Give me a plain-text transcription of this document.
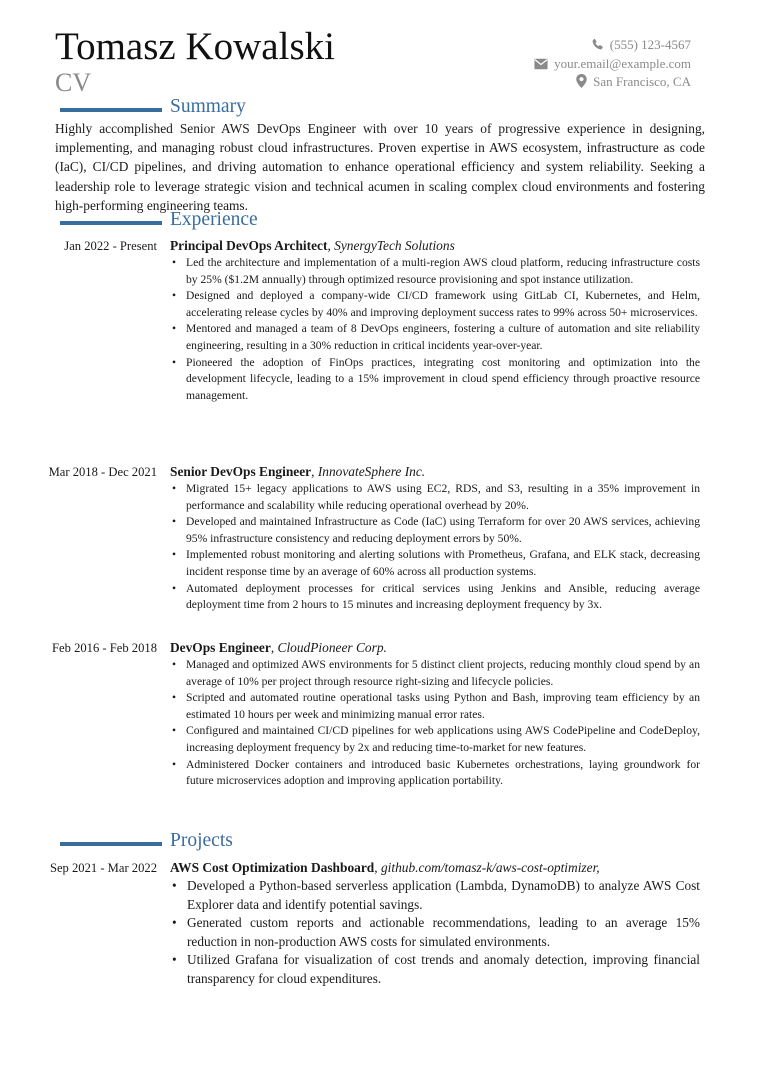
Tomasz Kowalski
CV
(555) 123-4567
your.email@example.com
San Francisco, CA
Summary

Highly accomplished Senior AWS DevOps Engineer with over 10 years of progressive experience in designing, implementing, and managing robust cloud infrastructures. Proven expertise in AWS ecosystem, infrastructure as code (IaC), CI/CD pipelines, and driving automation to enhance operational efficiency and system reliability. Seeking a leadership role to leverage strategic vision and technical acumen in scaling complex cloud environments and fostering high-performing engineering teams.

Experience
Jan 2022 - Present Principal DevOps Architect, SynergyTech Solutions
• Led the architecture and implementation of a multi-region AWS cloud platform, reducing infrastructure costs by 25% ($1.2M annually) through optimized resource provisioning and spot instance utilization.
• Designed and deployed a company-wide CI/CD framework using GitLab CI, Kubernetes, and Helm, accelerating release cycles by 40% and improving deployment success rates to 99% across 50+ microservices.
• Mentored and managed a team of 8 DevOps engineers, fostering a culture of automation and site reliability engineering, resulting in a 30% reduction in critical incidents year-over-year.
• Pioneered the adoption of FinOps practices, integrating cost monitoring and optimization into the development lifecycle, leading to a 15% improvement in cloud spend efficiency through proactive resource management.
Mar 2018 - Dec 2021 Senior DevOps Engineer, InnovateSphere Inc.
• Migrated 15+ legacy applications to AWS using EC2, RDS, and S3, resulting in a 35% improvement in performance and scalability while reducing operational overhead by 20%.
• Developed and maintained Infrastructure as Code (IaC) using Terraform for over 20 AWS services, achieving 95% infrastructure consistency and reducing deployment errors by 50%.
• Implemented robust monitoring and alerting solutions with Prometheus, Grafana, and ELK stack, decreasing incident response time by an average of 60% across all production systems.
• Automated deployment processes for critical services using Jenkins and Ansible, reducing average deployment time from 2 hours to 15 minutes and increasing deployment frequency by 3x.
Feb 2016 - Feb 2018 DevOps Engineer, CloudPioneer Corp.
• Managed and optimized AWS environments for 5 distinct client projects, reducing monthly cloud spend by an average of 10% per project through resource right-sizing and lifecycle policies.
• Scripted and automated routine operational tasks using Python and Bash, improving team efficiency by an estimated 10 hours per week and minimizing manual error rates.
• Configured and maintained CI/CD pipelines for web applications using AWS CodePipeline and CodeDeploy, increasing deployment frequency by 2x and reducing time-to-market for new features.
• Administered Docker containers and introduced basic Kubernetes orchestrations, laying groundwork for future microservices adoption and improving application portability.
Projects
Sep 2021 - Mar 2022 AWS Cost Optimization Dashboard, github.com/tomasz-k/aws-cost-optimizer,
• Developed a Python-based serverless application (Lambda, DynamoDB) to analyze AWS Cost Explorer data and identify potential savings.
• Generated custom reports and actionable recommendations, leading to an average 15% reduction in non-production AWS costs for simulated environments.
• Utilized Grafana for visualization of cost trends and anomaly detection, improving financial transparency for cloud expenditures.
